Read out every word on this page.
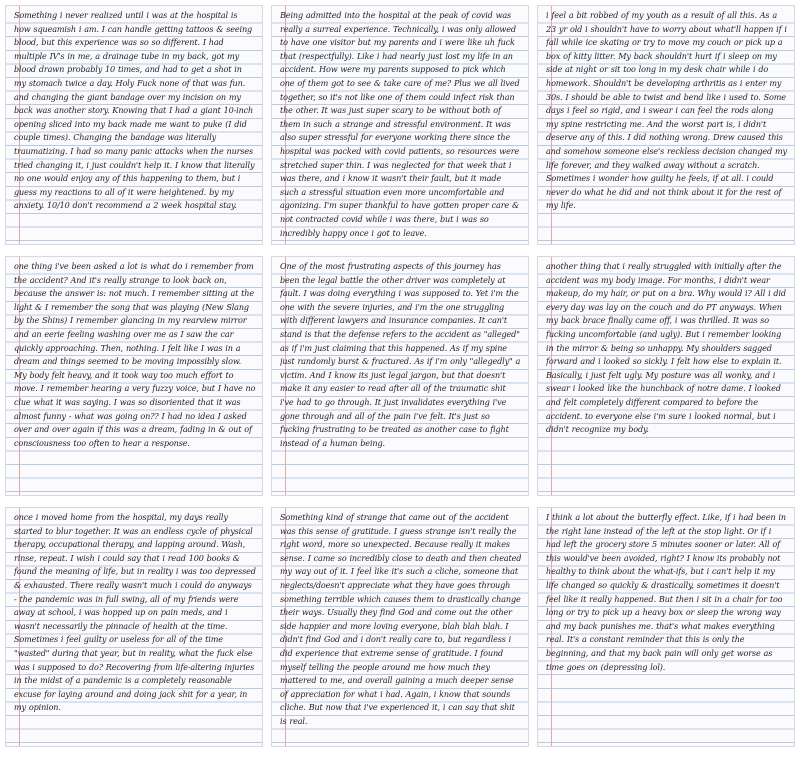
Something i never realized until i was at the hospital is how squeamish i am. I can handle getting tattoos & seeing blood, but this experience was so so different. I had multiple IV's in me, a drainage tube in my back, got my blood drawn probably 10 times, and had to get a shot in my stomach twice a day. Holy Fuck none of that was fun. and changing the giant bandage over my incision on my back was another story. Knowing that I had a giant 10-inch opening sliced into my back made me want to puke (I did couple times). Changing the bandage was literally traumatizing. I had so many panic attacks when the nurses tried changing it, i just couldn't help it. I know that literally no one would enjoy any of this happening to them, but i guess my reactions to all of it were heightened. by my anxiety. 10/10 don't recommend a 2 week hospital stay.
Being admitted into the hospital at the peak of covid was really a surreal experience. Technically, i was only allowed to have one visitor but my parents and i were like uh fuck that (respectfully). Like i had nearly just lost my life in an accident. How were my parents supposed to pick which one of them got to see & take care of me? Plus we all lived together, so it's not like one of them could infect risk than the other. It was just super scary to be without both of them in such a strange and stressful environment. It was also super stressful for everyone working there since the hospital was packed with covid patients, so resources were stretched super thin. I was neglected for that week that i was there, and i know it wasn't their fault, but it made such a stressful situation even more uncomfortable and agonizing. I'm super thankful to have gotten proper care & not contracted covid while i was there, but i was so incredibly happy once i got to leave.
i feel a bit robbed of my youth as a result of all this. As a 23 yr old i shouldn't have to worry about what'll happen if i fall while ice skating or try to move my couch or pick up a box of kitty litter. My back shouldn't hurt if i sleep on my side at night or sit too long in my desk chair while i do homework. Shouldn't be developing arthritis as i enter my 30s. I should be able to twist and bend like i used to. Some days i feel so rigid, and i swear i can feel the rods along my spine restricting me. And the worst part is, i didn't deserve any of this. I did nothing wrong. Drew caused this and somehow someone else's reckless decision changed my life forever, and they walked away without a scratch. Sometimes i wonder how guilty he feels, if at all. i could never do what he did and not think about it for the rest of my life.
one thing i've been asked a lot is what do i remember from the accident? And it's really strange to look back on, because the answer is: not much. I remember sitting at the light & I remember the song that was playing (New Slang by the Shins) I remember glancing in my rearview mirror and an eerie feeling washing over me as I saw the car quickly approaching. Then, nothing. I felt like I was in a dream and things seemed to be moving impossibly slow. My body felt heavy, and it took way too much effort to move. I remember hearing a very fuzzy voice, but I have no clue what it was saying. I was so disoriented that it was almost funny - what was going on?? I had no idea I asked over and over again if this was a dream, fading in & out of consciousness too often to hear a response.
One of the most frustrating aspects of this journey has been the legal battle the other driver was completely at fault. I was doing everything i was supposed to. Yet i'm the one with the severe injuries, and i'm the one struggling with different lawyers and insurance companies. It can't stand is that the defense refers to the accident as "alleged" as if i'm just claiming that this happened. As if my spine just randomly burst & fractured. As if i'm only "allegedly" a victim. And I know its just legal jargon, but that doesn't make it any easier to read after all of the traumatic shit i've had to go through. It just invalidates everything i've gone through and all of the pain i've felt. It's just so fucking frustrating to be treated as another case to fight instead of a human being.
another thing that i really struggled with initially after the accident was my body image. For months, i didn't wear makeup, do my hair, or put on a bra. Why would i? All i did every day was lay on the couch and do PT anyways. When my back brace finally came off, i was thrilled. It was so fucking uncomfortable (and ugly). But i remember looking in the mirror & being so unhappy. My shoulders sagged forward and i looked so sickly. I felt how else to explain it. Basically, i just felt ugly. My posture was all wonky, and i swear i looked like the hunchback of notre dame. I looked and felt completely different compared to before the accident. to everyone else i'm sure i looked normal, but i didn't recognize my body.
once i moved home from the hospital, my days really started to blur together. It was an endless cycle of physical therapy, occupational therapy, and lapping around. Wash, rinse, repeat. I wish i could say that i read 100 books & found the meaning of life, but in reality i was too depressed & exhausted. There really wasn't much i could do anyways - the pandemic was in full swing, all of my friends were away at school, i was hopped up on pain meds, and i wasn't necessarily the pinnacle of health at the time. Sometimes i feel guilty or useless for all of the time "wasted" during that year, but in reality, what the fuck else was i supposed to do? Recovering from life-altering injuries in the midst of a pandemic is a completely reasonable excuse for laying around and doing jack shit for a year, in my opinion.
Something kind of strange that came out of the accident was this sense of gratitude. I guess strange isn't really the right word, more so unexpected. Because really it makes sense. I came so incredibly close to death and then cheated my way out of it. I feel like it's such a cliche, someone that neglects/doesn't appreciate what they have goes through something terrible which causes them to drastically change their ways. Usually they find God and come out the other side happier and more loving everyone, blah blah blah. I didn't find God and i don't really care to, but regardless i did experience that extreme sense of gratitude. I found myself telling the people around me how much they mattered to me, and overall gaining a much deeper sense of appreciation for what i had. Again, i know that sounds cliche. But now that i've experienced it, i can say that shit is real.
I think a lot about the butterfly effect. Like, if i had been in the right lane instead of the left at the stop light. Or if i had left the grocery store 5 minutes sooner or later. All of this would've been avoided, right? I know its probably not healthy to think about the what-ifs, but i can't help it my life changed so quickly & drastically, sometimes it doesn't feel like it really happened. But then i sit in a chair for too long or try to pick up a heavy box or sleep the wrong way and my back punishes me. that's what makes everything real. It's a constant reminder that this is only the beginning, and that my back pain will only get worse as time goes on (depressing lol).
